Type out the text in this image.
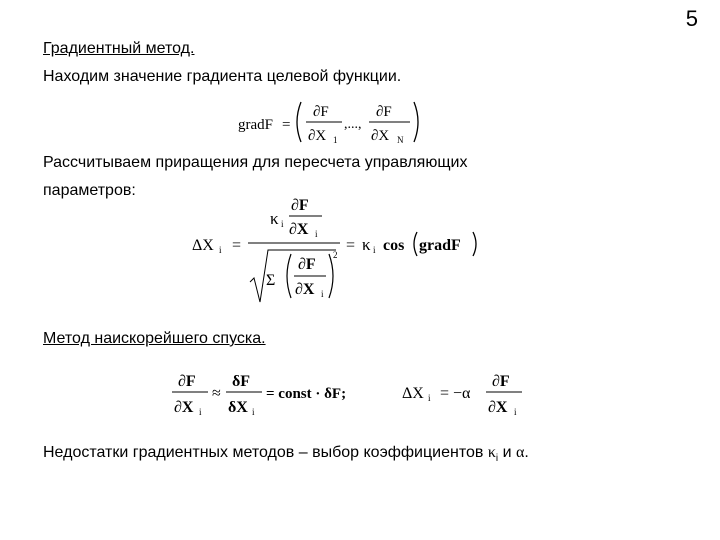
5
Градиентный метод.
Находим значение градиента целевой функции.
gradF =
∂F
∂X 1
,...,
∂F
∂X N
Рассчитываем приращения для пересчета управляющих
параметров:
ΔX i =
κ i
∂F
∂X i
Σ
∂F
∂X i
2
= κ i cos gradF
Метод наискорейшего спуска.
∂F
∂X i
≈
δF
δX i
= const · δF;	ΔX i = −α
∂F
∂X i
Недостатки градиентных методов – выбор коэффициентов $\kappa_i$ и α.
